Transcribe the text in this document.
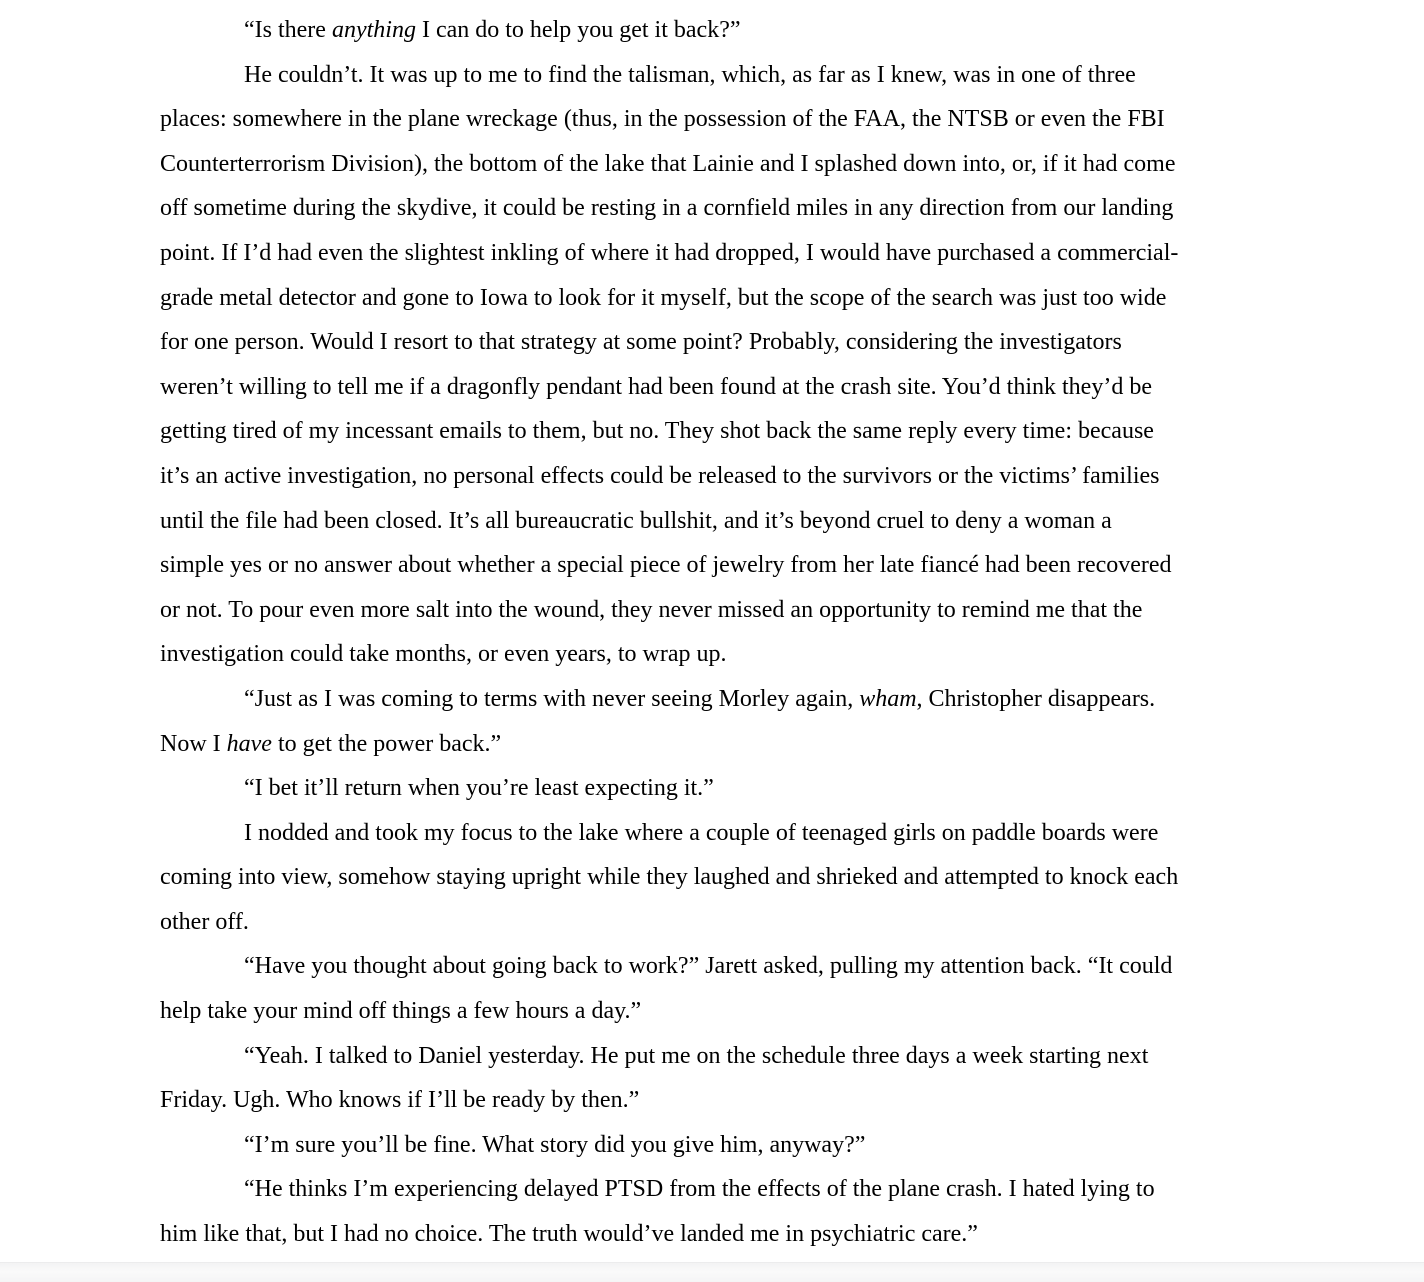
“Is there anything I can do to help you get it back?”
He couldn’t. It was up to me to find the talisman, which, as far as I knew, was in one of three
places: somewhere in the plane wreckage (thus, in the possession of the FAA, the NTSB or even the FBI
Counterterrorism Division), the bottom of the lake that Lainie and I splashed down into, or, if it had come
off sometime during the skydive, it could be resting in a cornfield miles in any direction from our landing
point. If I’d had even the slightest inkling of where it had dropped, I would have purchased a commercial-
grade metal detector and gone to Iowa to look for it myself, but the scope of the search was just too wide
for one person. Would I resort to that strategy at some point? Probably, considering the investigators
weren’t willing to tell me if a dragonfly pendant had been found at the crash site. You’d think they’d be
getting tired of my incessant emails to them, but no. They shot back the same reply every time: because
it’s an active investigation, no personal effects could be released to the survivors or the victims’ families
until the file had been closed. It’s all bureaucratic bullshit, and it’s beyond cruel to deny a woman a
simple yes or no answer about whether a special piece of jewelry from her late fiancé had been recovered
or not. To pour even more salt into the wound, they never missed an opportunity to remind me that the
investigation could take months, or even years, to wrap up.
“Just as I was coming to terms with never seeing Morley again, wham, Christopher disappears.
Now I have to get the power back.”
“I bet it’ll return when you’re least expecting it.”
I nodded and took my focus to the lake where a couple of teenaged girls on paddle boards were
coming into view, somehow staying upright while they laughed and shrieked and attempted to knock each
other off.
“Have you thought about going back to work?” Jarett asked, pulling my attention back. “It could
help take your mind off things a few hours a day.”
“Yeah. I talked to Daniel yesterday. He put me on the schedule three days a week starting next
Friday. Ugh. Who knows if I’ll be ready by then.”
“I’m sure you’ll be fine. What story did you give him, anyway?”
“He thinks I’m experiencing delayed PTSD from the effects of the plane crash. I hated lying to
him like that, but I had no choice. The truth would’ve landed me in psychiatric care.”
